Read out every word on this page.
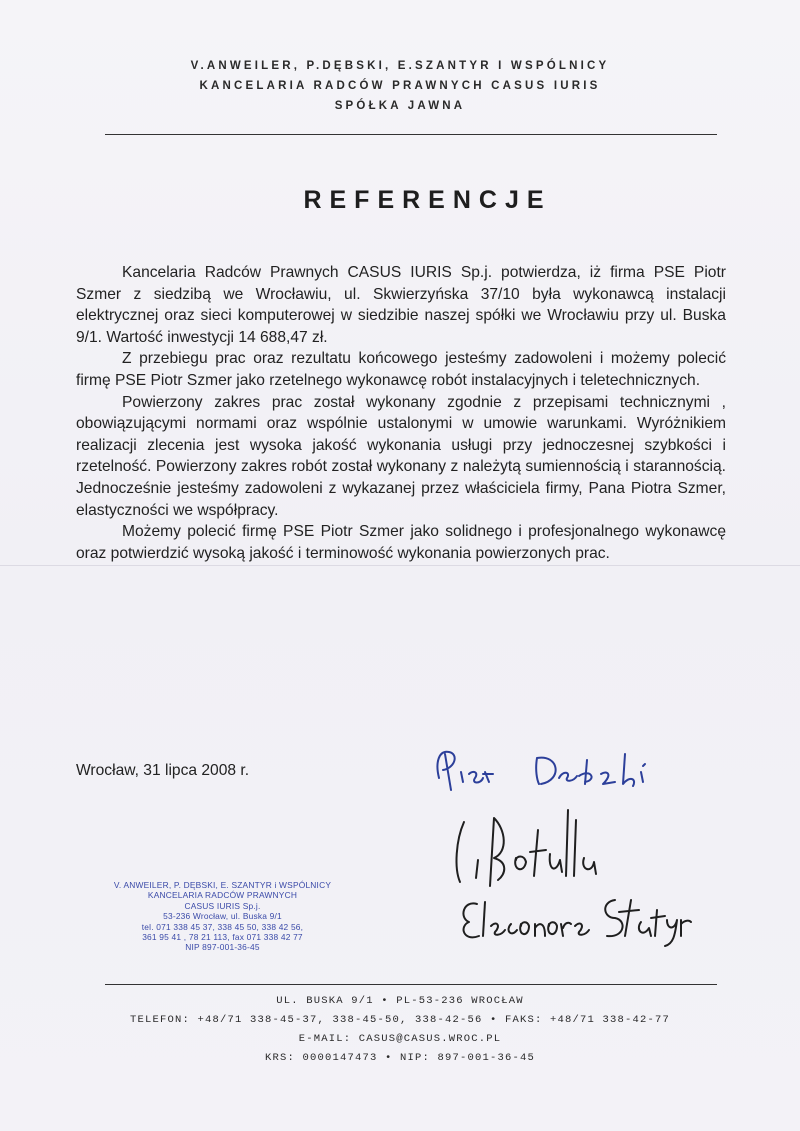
V.ANWEILER, P.DĘBSKI, E.SZANTYR I WSPÓLNICY
KANCELARIA RADCÓW PRAWNYCH CASUS IURIS
SPÓŁKA JAWNA
REFERENCJE

Kancelaria Radców Prawnych CASUS IURIS Sp.j. potwierdza, iż firma PSE Piotr Szmer z siedzibą we Wrocławiu, ul. Skwierzyńska 37/10 była wykonawcą instalacji elektrycznej oraz sieci komputerowej w siedzibie naszej spółki we Wrocławiu przy ul. Buska 9/1. Wartość inwestycji 14 688,47 zł.

Z przebiegu prac oraz rezultatu końcowego jesteśmy zadowoleni i możemy polecić firmę PSE Piotr Szmer jako rzetelnego wykonawcę robót instalacyjnych i teletechnicznych.

Powierzony zakres prac został wykonany zgodnie z przepisami technicznymi , obowiązującymi normami oraz wspólnie ustalonymi w umowie warunkami. Wyróżnikiem realizacji zlecenia jest wysoka jakość wykonania usługi przy jednoczesnej szybkości i rzetelność. Powierzony zakres robót został wykonany z należytą sumiennością i starannością. Jednocześnie jesteśmy zadowoleni z wykazanej przez właściciela firmy, Pana Piotra Szmer, elastyczności we współpracy.

Możemy polecić firmę PSE Piotr Szmer jako solidnego i profesjonalnego wykonawcę oraz potwierdzić wysoką jakość i terminowość wykonania powierzonych prac.

Wrocław, 31 lipca 2008 r.
V. ANWEILER, P. DĘBSKI, E. SZANTYR i WSPÓLNICY
KANCELARIA RADCÓW PRAWNYCH
CASUS IURIS Sp.j.
53-236 Wrocław, ul. Buska 9/1
tel. 071 338 45 37, 338 45 50, 338 42 56,
361 95 41 , 78 21 113, fax 071 338 42 77
NIP 897-001-36-45
UL. BUSKA 9/1 • PL-53-236 WROCŁAW
TELEFON: +48/71 338-45-37, 338-45-50, 338-42-56 • FAKS: +48/71 338-42-77
E-MAIL: CASUS@CASUS.WROC.PL
KRS: 0000147473 • NIP: 897-001-36-45
